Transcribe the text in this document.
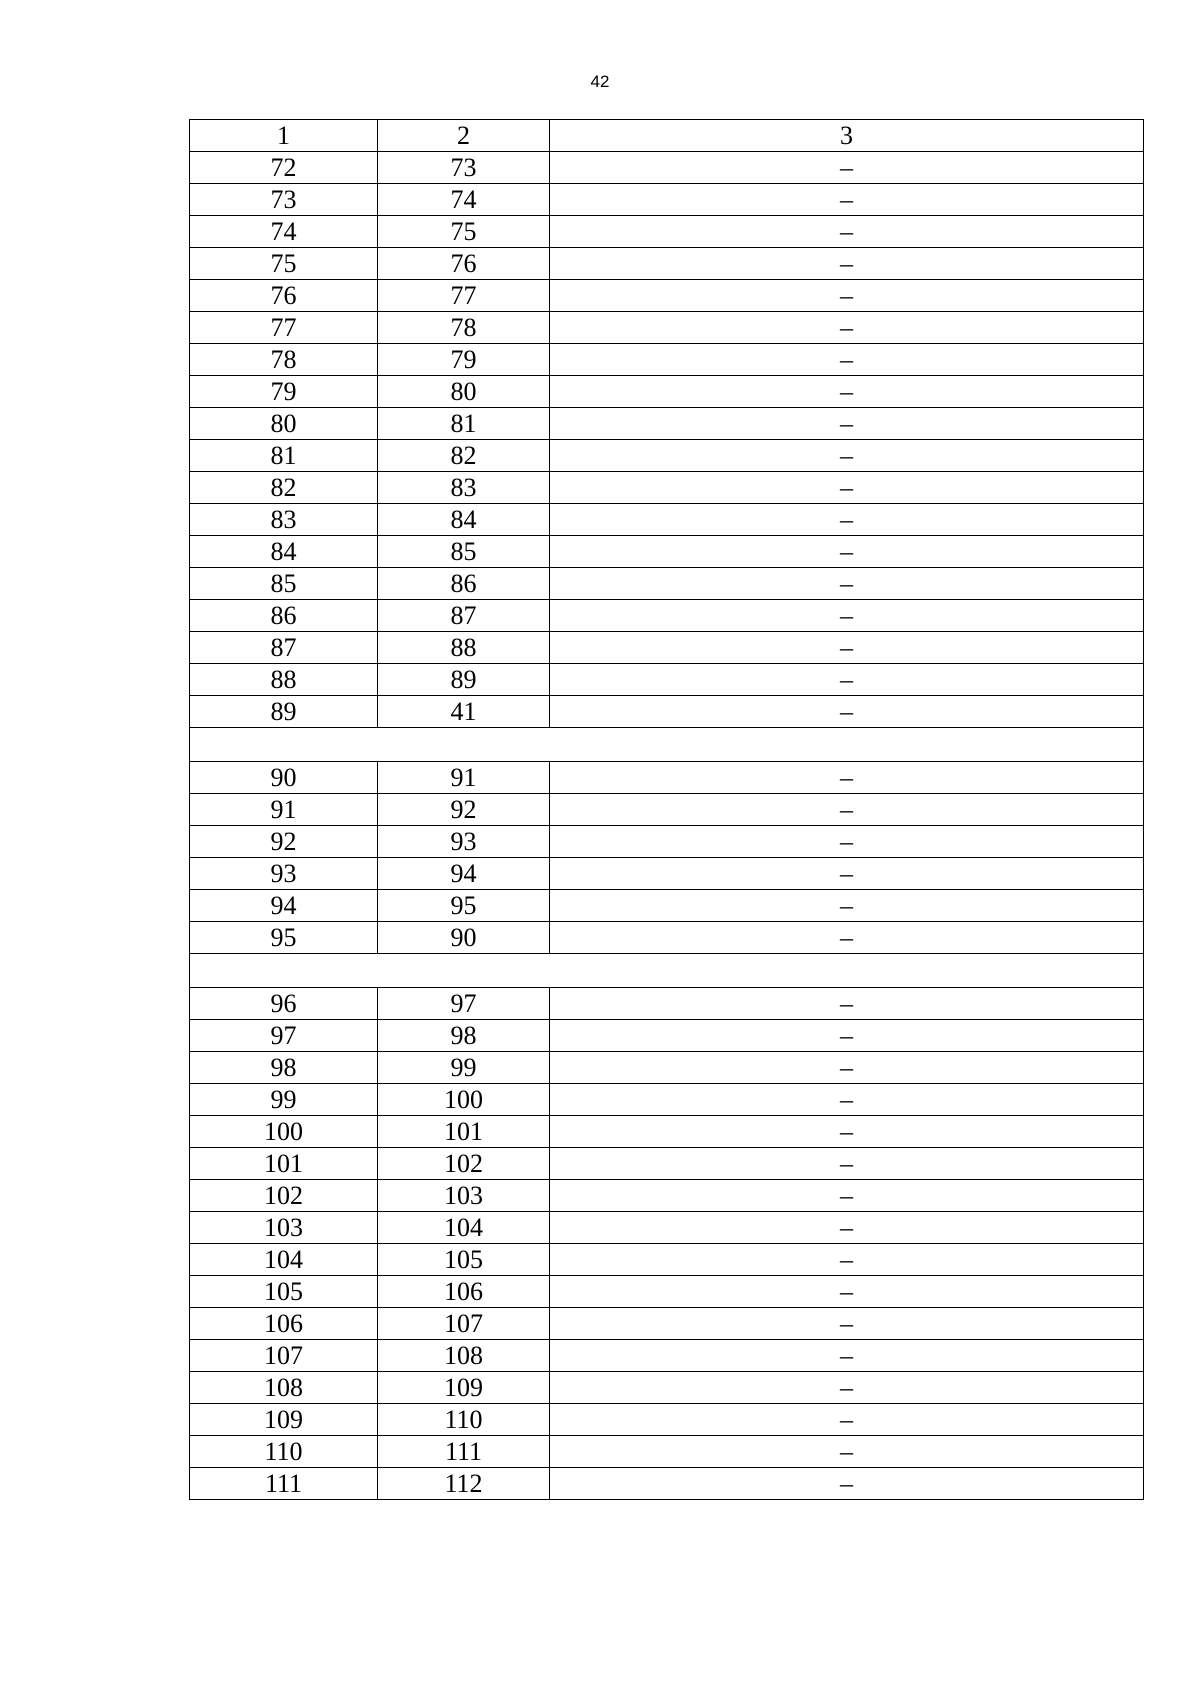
42
1	2	3
72	73	–
73	74	–
74	75	–
75	76	–
76	77	–
77	78	–
78	79	–
79	80	–
80	81	–
81	82	–
82	83	–
83	84	–
84	85	–
85	86	–
86	87	–
87	88	–
88	89	–
89	41	–

90	91	–
91	92	–
92	93	–
93	94	–
94	95	–
95	90	–

96	97	–
97	98	–
98	99	–
99	100	–
100	101	–
101	102	–
102	103	–
103	104	–
104	105	–
105	106	–
106	107	–
107	108	–
108	109	–
109	110	–
110	111	–
111	112	–
